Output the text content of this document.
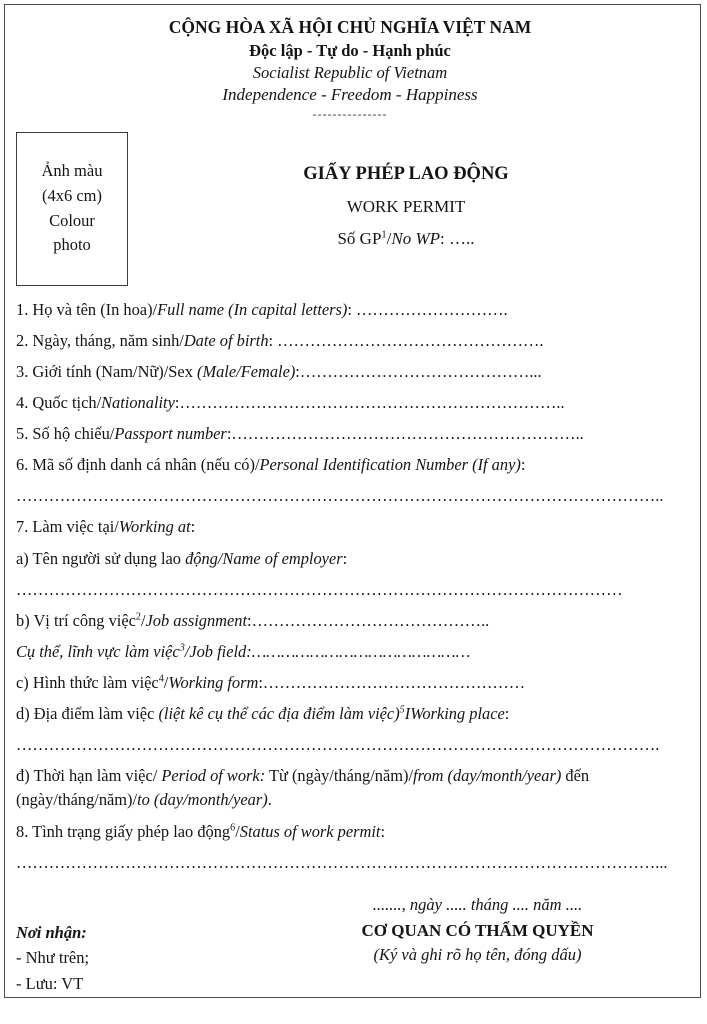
CỘNG HÒA XÃ HỘI CHỦ NGHĨA VIỆT NAM
Độc lập - Tự do - Hạnh phúc
Socialist Republic of Vietnam
Independence - Freedom - Happiness
---------------
Ảnh màu
(4x6 cm)
Colour
photo
GIẤY PHÉP LAO ĐỘNG
WORK PERMIT
Số $GP^1/No$ WP: …..

1. Họ và tên (In hoa)/Full name (In capital letters): ……………………….

2. Ngày, tháng, năm sinh/Date of birth: ………………………………………….

3. Giới tính (Nam/Nữ)/Sex (Male/Female):……………………………………...

4. Quốc tịch/Nationality:……………………………………………………………..

5. Số hộ chiếu/Passport number:………………………………………………………..

6. Mã số định danh cá nhân (nếu có)/Personal Identification Number (If any):

………………………………………………………………………………………………………..

7. Làm việc tại/Working at:

a) Tên người sử dụng lao động/Name of employer:

…………………………………………………………………………………………………

b) Vị trí công việc$^2$/Job assignment:……………………………………..

Cụ thể, lĩnh vực làm việc$^3$/Job field:………………………………………

c) Hình thức làm việc$^4$/Working form:…………………………………………

d) Địa điểm làm việc (liệt kê cụ thể các địa điểm làm việc)$^5$IWorking place:

……………………………………………………………………………………………………….

đ) Thời hạn làm việc/ Period of work: Từ (ngày/tháng/năm)/from (day/month/year) đến (ngày/tháng/năm)/to (day/month/year).

8. Tình trạng giấy phép lao động$^6$/Status of work permit:

………………………………………………………………………………………………………...

Nơi nhận:
- Như trên;
- Lưu: VT
......., ngày ..... tháng .... năm ....
CƠ QUAN CÓ THẨM QUYỀN
(Ký và ghi rõ họ tên, đóng dấu)
